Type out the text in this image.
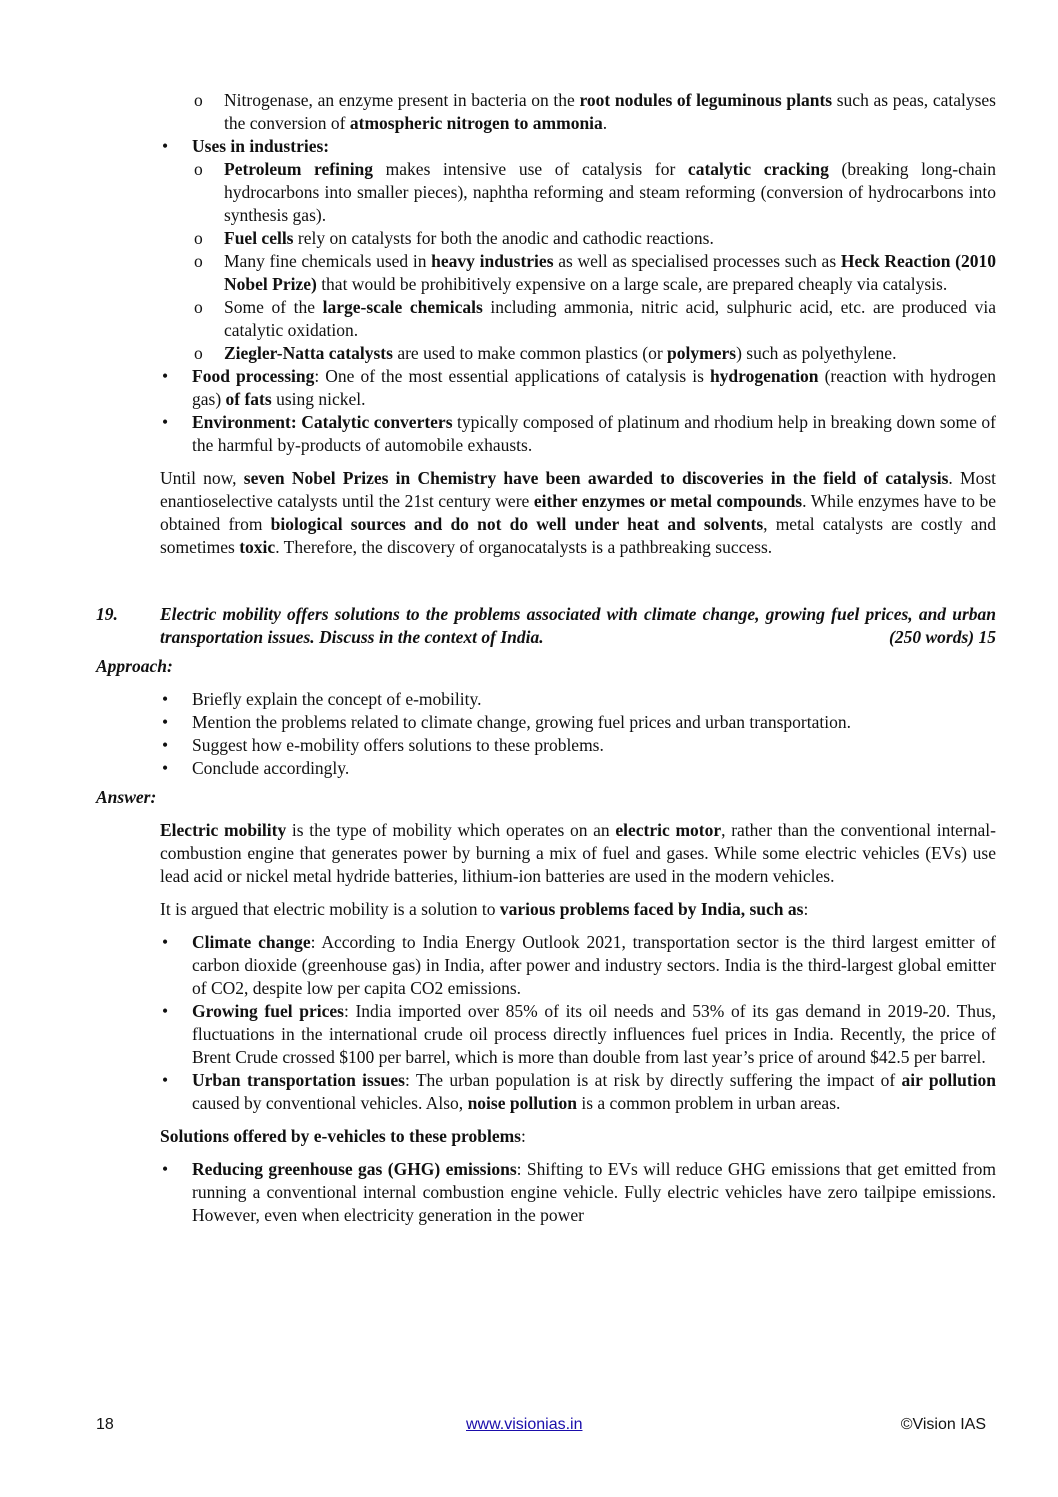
o Nitrogenase, an enzyme present in bacteria on the root nodules of leguminous plants such as peas, catalyses the conversion of atmospheric nitrogen to ammonia.
• Uses in industries:
o Petroleum refining makes intensive use of catalysis for catalytic cracking (breaking long-chain hydrocarbons into smaller pieces), naphtha reforming and steam reforming (conversion of hydrocarbons into synthesis gas).
o Fuel cells rely on catalysts for both the anodic and cathodic reactions.
o Many fine chemicals used in heavy industries as well as specialised processes such as Heck Reaction (2010 Nobel Prize) that would be prohibitively expensive on a large scale, are prepared cheaply via catalysis.
o Some of the large-scale chemicals including ammonia, nitric acid, sulphuric acid, etc. are produced via catalytic oxidation.
o Ziegler-Natta catalysts are used to make common plastics (or polymers) such as polyethylene.
• Food processing: One of the most essential applications of catalysis is hydrogenation (reaction with hydrogen gas) of fats using nickel.
• Environment: Catalytic converters typically composed of platinum and rhodium help in breaking down some of the harmful by-products of automobile exhausts.
Until now, seven Nobel Prizes in Chemistry have been awarded to discoveries in the field of catalysis. Most enantioselective catalysts until the 21st century were either enzymes or metal compounds. While enzymes have to be obtained from biological sources and do not do well under heat and solvents, metal catalysts are costly and sometimes toxic. Therefore, the discovery of organocatalysts is a pathbreaking success.
19. Electric mobility offers solutions to the problems associated with climate change, growing fuel prices, and urban transportation issues. Discuss in the context of India.	(250 words) 15
Approach:
• Briefly explain the concept of e-mobility.
• Mention the problems related to climate change, growing fuel prices and urban transportation.
• Suggest how e-mobility offers solutions to these problems.
• Conclude accordingly.
Answer:
Electric mobility is the type of mobility which operates on an electric motor, rather than the conventional internal-combustion engine that generates power by burning a mix of fuel and gases. While some electric vehicles (EVs) use lead acid or nickel metal hydride batteries, lithium-ion batteries are used in the modern vehicles.
It is argued that electric mobility is a solution to various problems faced by India, such as:
• Climate change: According to India Energy Outlook 2021, transportation sector is the third largest emitter of carbon dioxide (greenhouse gas) in India, after power and industry sectors. India is the third-largest global emitter of CO2, despite low per capita CO2 emissions.
• Growing fuel prices: India imported over 85% of its oil needs and 53% of its gas demand in 2019-20. Thus, fluctuations in the international crude oil process directly influences fuel prices in India. Recently, the price of Brent Crude crossed $100 per barrel, which is more than double from last year’s price of around $42.5 per barrel.
• Urban transportation issues: The urban population is at risk by directly suffering the impact of air pollution caused by conventional vehicles. Also, noise pollution is a common problem in urban areas.
Solutions offered by e-vehicles to these problems:
• Reducing greenhouse gas (GHG) emissions: Shifting to EVs will reduce GHG emissions that get emitted from running a conventional internal combustion engine vehicle. Fully electric vehicles have zero tailpipe emissions. However, even when electricity generation in the power
18	www.visionias.in	©Vision IAS
